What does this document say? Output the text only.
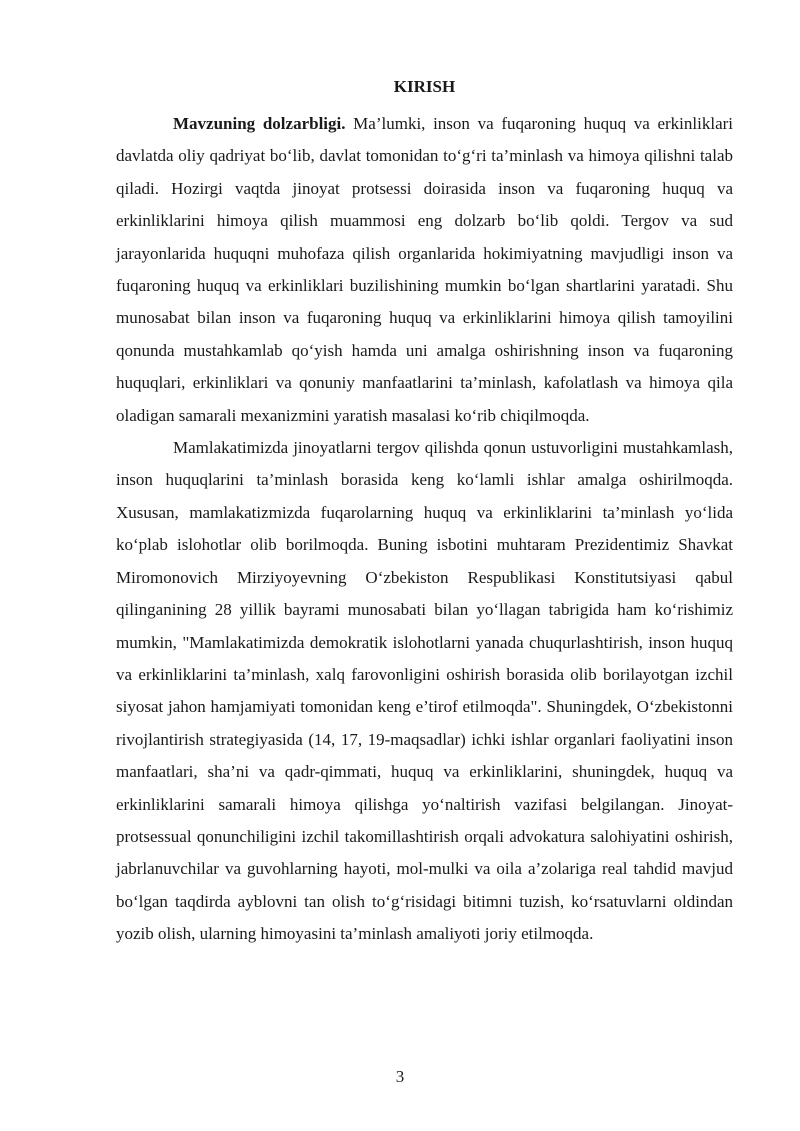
KIRISH

Mavzuning dolzarbligi. Ma’lumki, inson va fuqaroning huquq va erkinliklari davlatda oliy qadriyat bo‘lib, davlat tomonidan to‘g‘ri ta’minlash va himoya qilishni talab qiladi. Hozirgi vaqtda jinoyat protsessi doirasida inson va fuqaroning huquq va erkinliklarini himoya qilish muammosi eng dolzarb bo‘lib qoldi. Tergov va sud jarayonlarida huquqni muhofaza qilish organlarida hokimiyatning mavjudligi inson va fuqaroning huquq va erkinliklari buzilishining mumkin bo‘lgan shartlarini yaratadi. Shu munosabat bilan inson va fuqaroning huquq va erkinliklarini himoya qilish tamoyilini qonunda mustahkamlab qo‘yish hamda uni amalga oshirishning inson va fuqaroning huquqlari, erkinliklari va qonuniy manfaatlarini ta’minlash, kafolatlash va himoya qila oladigan samarali mexanizmini yaratish masalasi ko‘rib chiqilmoqda.

Mamlakatimizda jinoyatlarni tergov qilishda qonun ustuvorligini mustahkamlash, inson huquqlarini ta’minlash borasida keng ko‘lamli ishlar amalga oshirilmoqda. Xususan, mamlakatizmizda fuqarolarning huquq va erkinliklarini ta’minlash yo‘lida ko‘plab islohotlar olib borilmoqda. Buning isbotini muhtaram Prezidentimiz Shavkat Miromonovich Mirziyoyevning O‘zbekiston Respublikasi Konstitutsiyasi qabul qilinganining 28 yillik bayrami munosabati bilan yo‘llagan tabrigida ham ko‘rishimiz mumkin, "Mamlakatimizda demokratik islohotlarni yanada chuqurlashtirish, inson huquq va erkinliklarini ta’minlash, xalq farovonligini oshirish borasida olib borilayotgan izchil siyosat jahon hamjamiyati tomonidan keng e’tirof etilmoqda". Shuningdek, O‘zbekistonni rivojlantirish strategiyasida (14, 17, 19-maqsadlar) ichki ishlar organlari faoliyatini inson manfaatlari, sha’ni va qadr-qimmati, huquq va erkinliklarini, shuningdek, huquq va erkinliklarini samarali himoya qilishga yo‘naltirish vazifasi belgilangan. Jinoyat-protsessual qonunchiligini izchil takomillashtirish orqali advokatura salohiyatini oshirish, jabrlanuvchilar va guvohlarning hayoti, mol-mulki va oila a’zolariga real tahdid mavjud bo‘lgan taqdirda ayblovni tan olish to‘g‘risidagi bitimni tuzish, ko‘rsatuvlarni oldindan yozib olish, ularning himoyasini ta’minlash amaliyoti joriy etilmoqda.

3
